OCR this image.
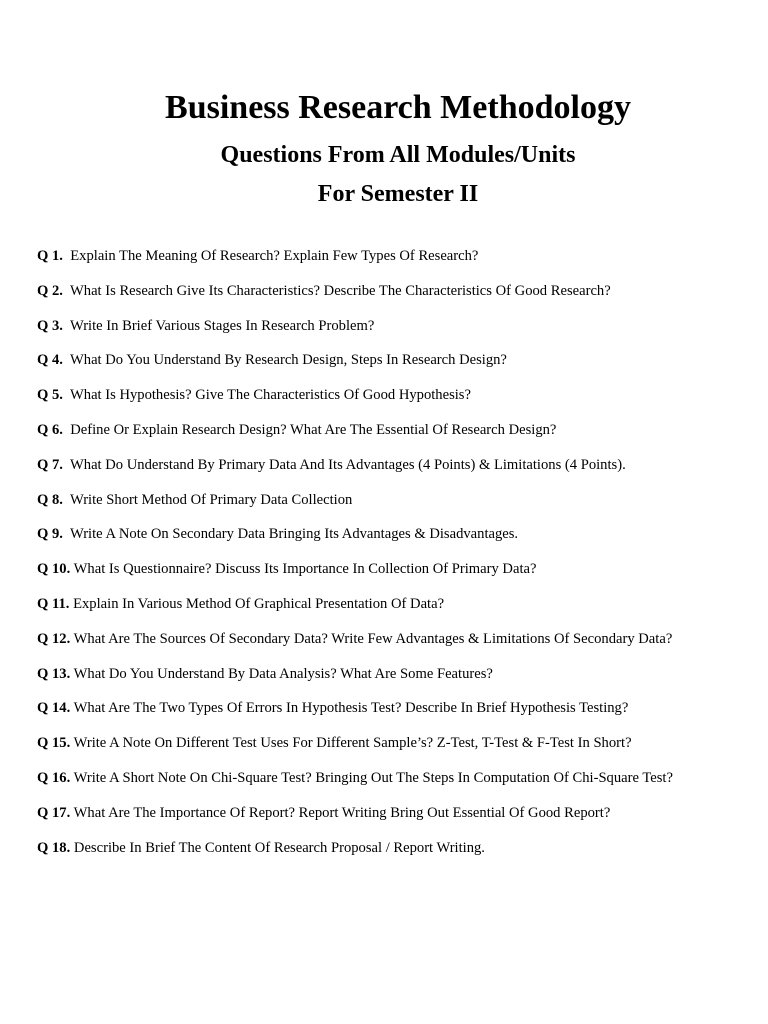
Business Research Methodology
Questions From All Modules/Units
For Semester II
Q 1. Explain The Meaning Of Research? Explain Few Types Of Research?
Q 2. What Is Research Give Its Characteristics? Describe The Characteristics Of Good Research?
Q 3. Write In Brief Various Stages In Research Problem?
Q 4. What Do You Understand By Research Design, Steps In Research Design?
Q 5. What Is Hypothesis? Give The Characteristics Of Good Hypothesis?
Q 6. Define Or Explain Research Design? What Are The Essential Of Research Design?
Q 7. What Do Understand By Primary Data And Its Advantages (4 Points) & Limitations (4 Points).
Q 8. Write Short Method Of Primary Data Collection
Q 9. Write A Note On Secondary Data Bringing Its Advantages & Disadvantages.
Q 10. What Is Questionnaire? Discuss Its Importance In Collection Of Primary Data?
Q 11. Explain In Various Method Of Graphical Presentation Of Data?
Q 12. What Are The Sources Of Secondary Data? Write Few Advantages & Limitations Of Secondary Data?
Q 13. What Do You Understand By Data Analysis? What Are Some Features?
Q 14. What Are The Two Types Of Errors In Hypothesis Test? Describe In Brief Hypothesis Testing?
Q 15. Write A Note On Different Test Uses For Different Sample’s? Z-Test, T-Test & F-Test In Short?
Q 16. Write A Short Note On Chi-Square Test? Bringing Out The Steps In Computation Of Chi-Square Test?
Q 17. What Are The Importance Of Report? Report Writing Bring Out Essential Of Good Report?
Q 18. Describe In Brief The Content Of Research Proposal / Report Writing.
